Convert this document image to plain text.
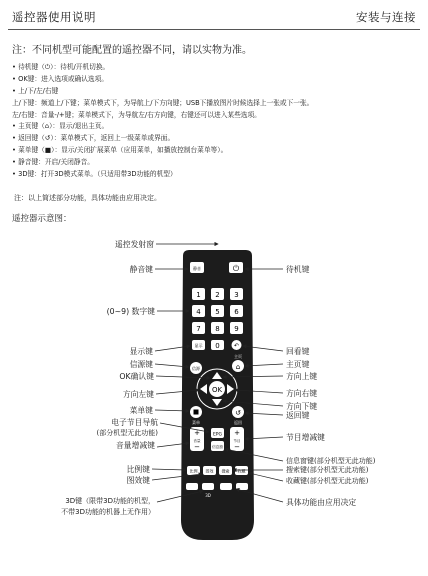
遥控器使用说明	安装与连接
注：不同机型可能配置的遥控器不同，请以实物为准。
• 待机键（⏻）：待机/开机切换。
• OK键：进入选项或确认选项。
• 上/下/左/右键
上/下键：频道上/下键；菜单模式下，为导航上/下方向键；USB下播放图片时候选择上一张或下一张。
左/右键：音量-/+键；菜单模式下，为导航左/右方向键，右键还可以进入某些选项。
• 主页键（⌂）：显示/退出主页。
• 返回键（↺）：菜单模式下，返回上一级菜单或界面。
• 菜单键（■）：显示/关闭扩展菜单（应用菜单，如播放控制台菜单等）。
• 静音键：开启/关闭静音。
• 3D键：打开3D模式菜单。（只适用带3D功能的机型）
注：以上简述部分功能，具体功能由应用决定。
遥控器示意图：
静音	⏻
1 2 3
4 5 6
7 8 9
显示 0 ↶
信源
主页
⌂
OK
菜单
↺
返回
+
音量
−
EPG
信息窗
+
节目
−
比例 图效 搜索 收藏
3D
遥控发射窗
静音键
(0~9) 数字键
显示键
信源键
OK确认键
方向左键
菜单键
电子节目导航
(部分机型无此功能)
音量增减键
比例键
图效键
3D键（限带3D功能的机型，
不带3D功能的机器上无作用）
待机键
回看键
主页键
方向上键
方向右键
方向下键
返回键
节目增减键
信息窗键(部分机型无此功能)
搜索键(部分机型无此功能)
收藏键(部分机型无此功能)
具体功能由应用决定
